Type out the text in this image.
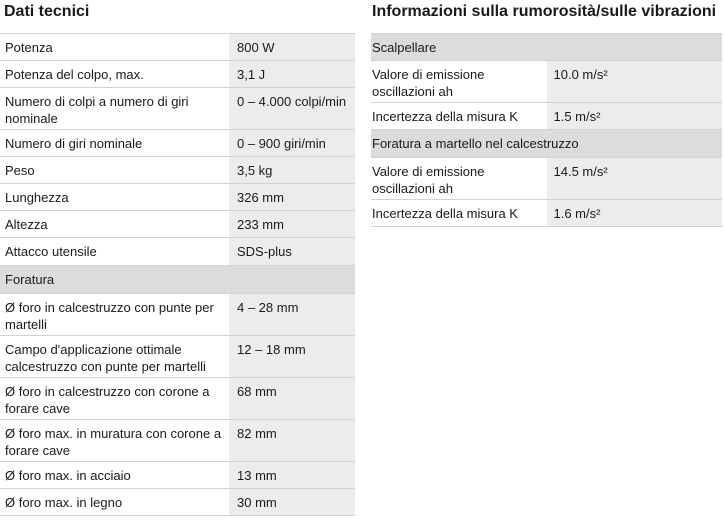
Dati tecnici
Potenza	800 W
Potenza del colpo, max.	3,1 J
Numero di colpi a numero di giri nominale	0 – 4.000 colpi/min
Numero di giri nominale	0 – 900 giri/min
Peso	3,5 kg
Lunghezza	326 mm
Altezza	233 mm
Attacco utensile	SDS-plus
Foratura	
Ø foro in calcestruzzo con punte per martelli	4 – 28 mm
Campo d'applicazione ottimale calcestruzzo con punte per martelli	12 – 18 mm
Ø foro in calcestruzzo con corone a forare cave	68 mm
Ø foro max. in muratura con corone a forare cave	82 mm
Ø foro max. in acciaio	13 mm
Ø foro max. in legno	30 mm
Informazioni sulla rumorosità/sulle vibrazioni
Scalpellare	
Valore di emissione oscillazioni ah	10.0 m/s²
Incertezza della misura K	1.5 m/s²
Foratura a martello nel calcestruzzo	
Valore di emissione oscillazioni ah	14.5 m/s²
Incertezza della misura K	1.6 m/s²
